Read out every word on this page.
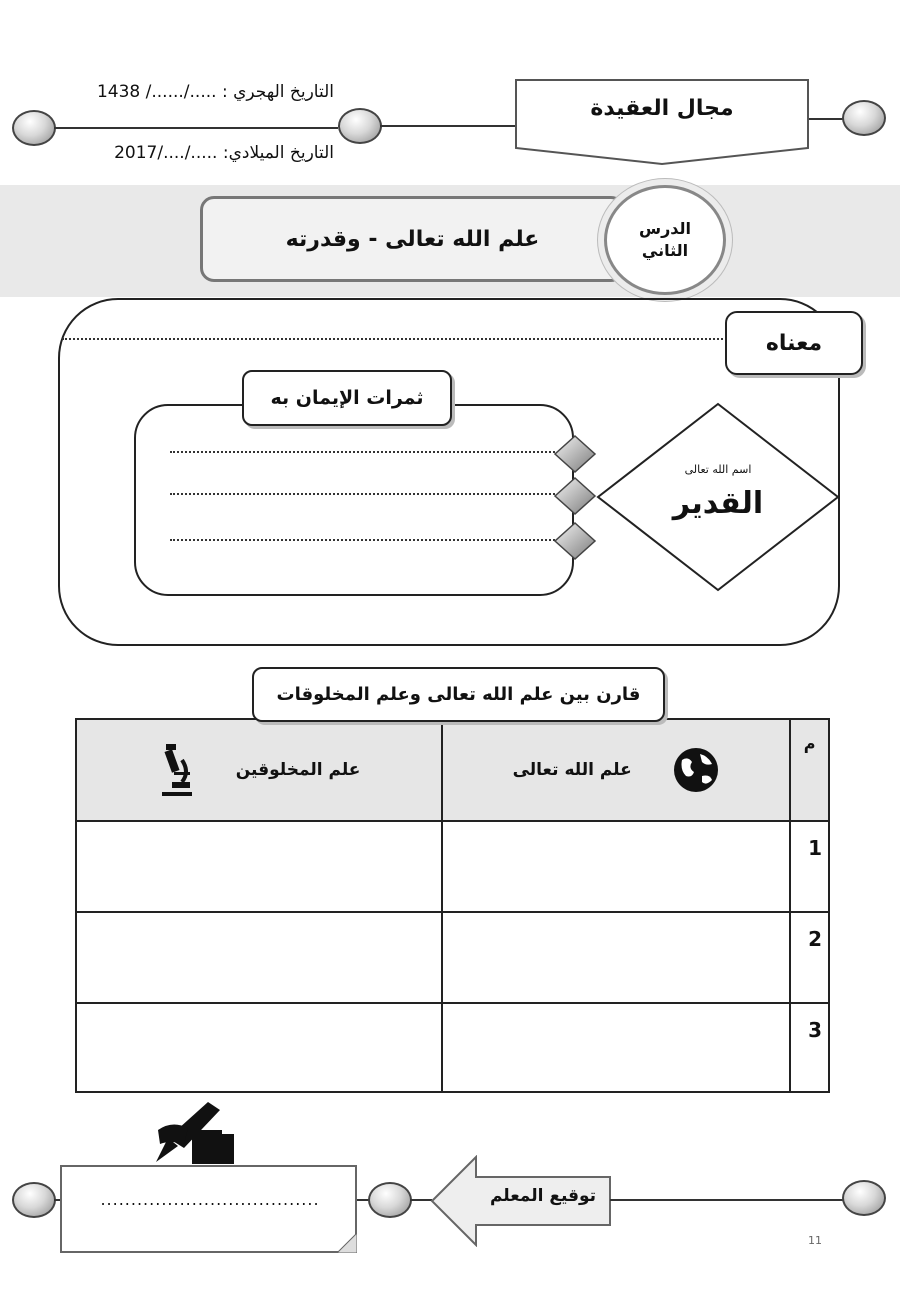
التاريخ الهجري : ...../....../ 1438
التاريخ الميلادي: ...../..../2017
مجال العقيدة
علم الله تعالى - وقدرته	الدرس
الثاني
معناه
ثمرات الإيمان به
اسم الله تعالى
القدير
قارن بين علم الله تعالى وعلم المخلوقات
علم المخلوقين	علم الله تعالى	م
		1
		2
		3
....................................	توقيع المعلم
11
